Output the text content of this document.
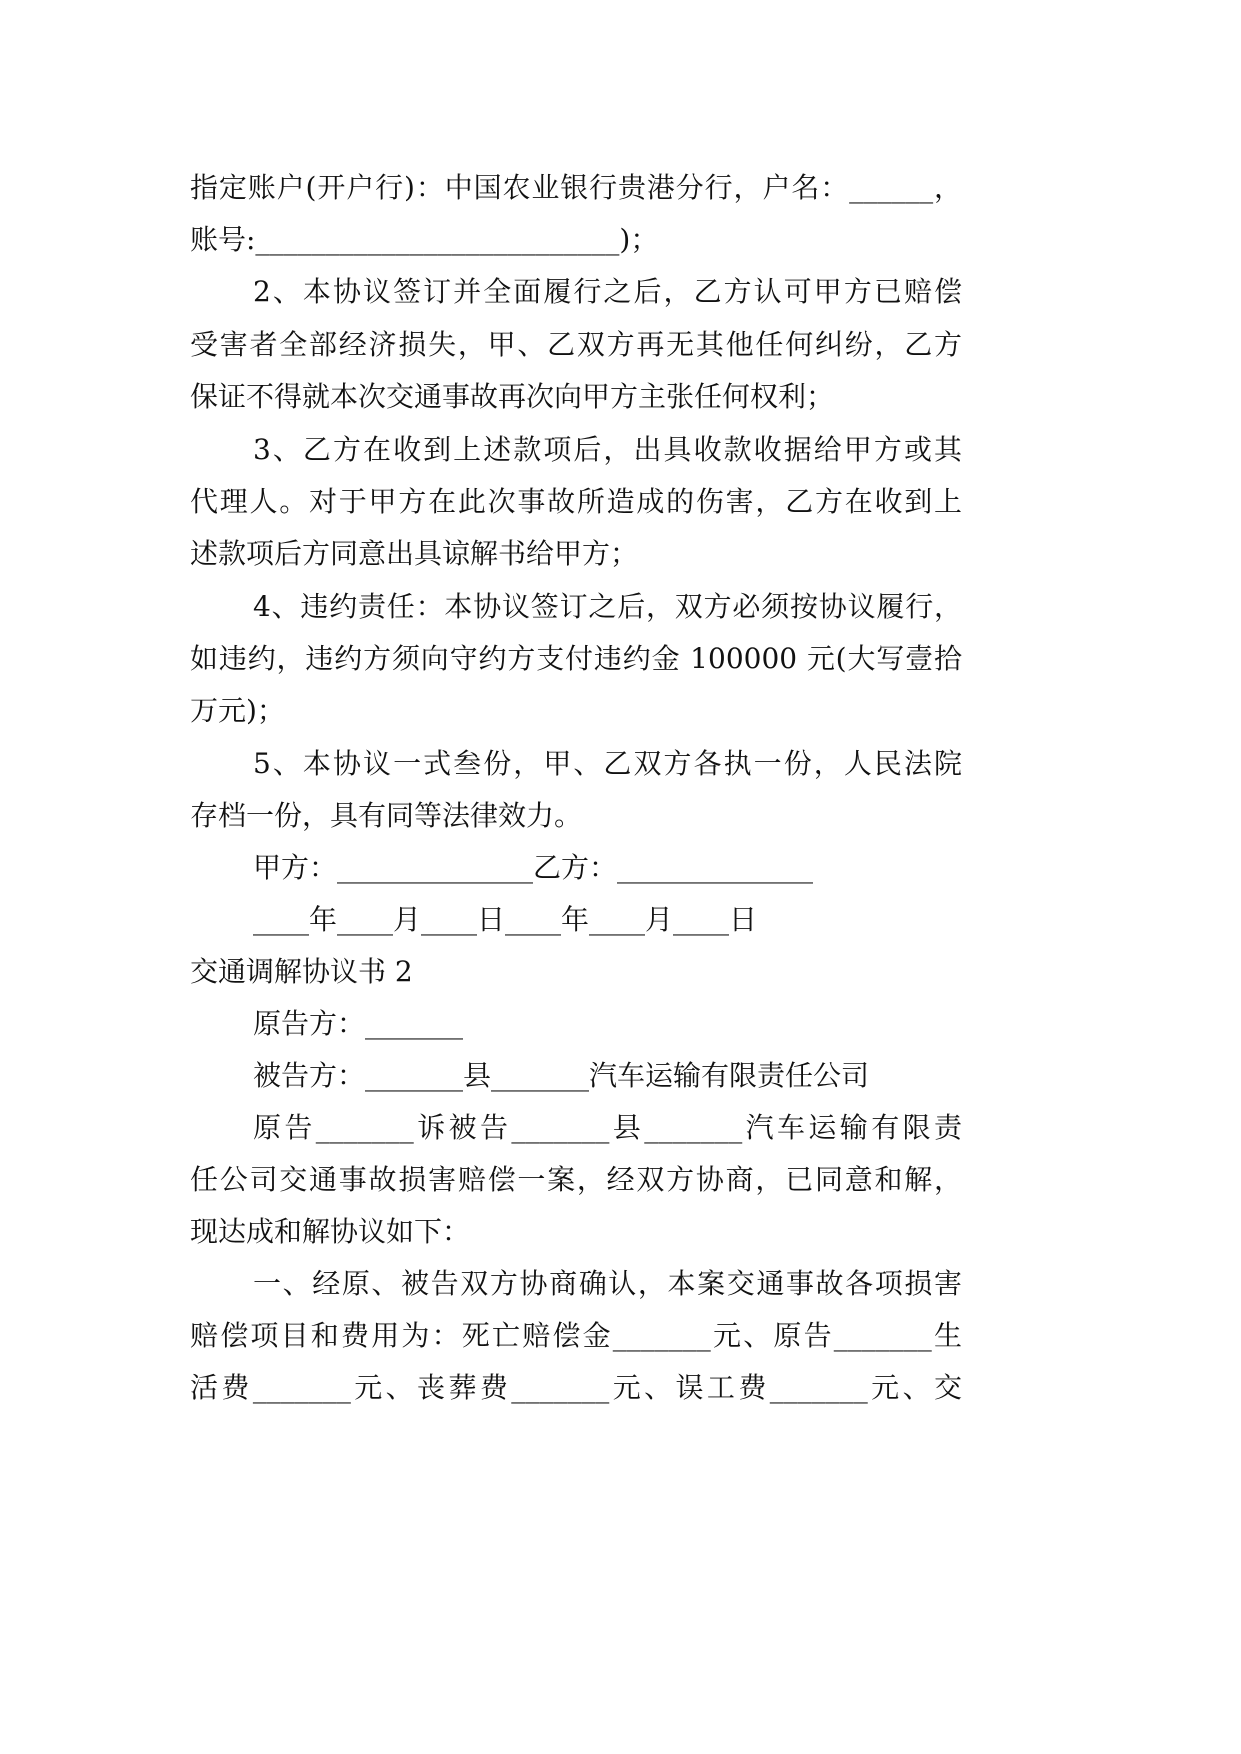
指定账户(开户行)：中国农业银行贵港分行，户名：______，
账号:__________________________)；
2、本协议签订并全面履行之后，乙方认可甲方已赔偿
受害者全部经济损失，甲、乙双方再无其他任何纠纷，乙方
保证不得就本次交通事故再次向甲方主张任何权利；
3、乙方在收到上述款项后，出具收款收据给甲方或其
代理人。对于甲方在此次事故所造成的伤害，乙方在收到上
述款项后方同意出具谅解书给甲方；
4、违约责任：本协议签订之后，双方必须按协议履行，
如违约，违约方须向守约方支付违约金 100000 元(大写壹拾
万元)；
5、本协议一式叁份，甲、乙双方各执一份，人民法院
存档一份，具有同等法律效力。
甲方：______________乙方：______________
____年____月____日____年____月____日
交通调解协议书 2
原告方：_______
被告方：_______县_______汽车运输有限责任公司
原告_______诉被告_______县_______汽车运输有限责
任公司交通事故损害赔偿一案，经双方协商，已同意和解，
现达成和解协议如下：
一、经原、被告双方协商确认，本案交通事故各项损害
赔偿项目和费用为：死亡赔偿金_______元、原告_______生
活费_______元、丧葬费_______元、误工费_______元、交
